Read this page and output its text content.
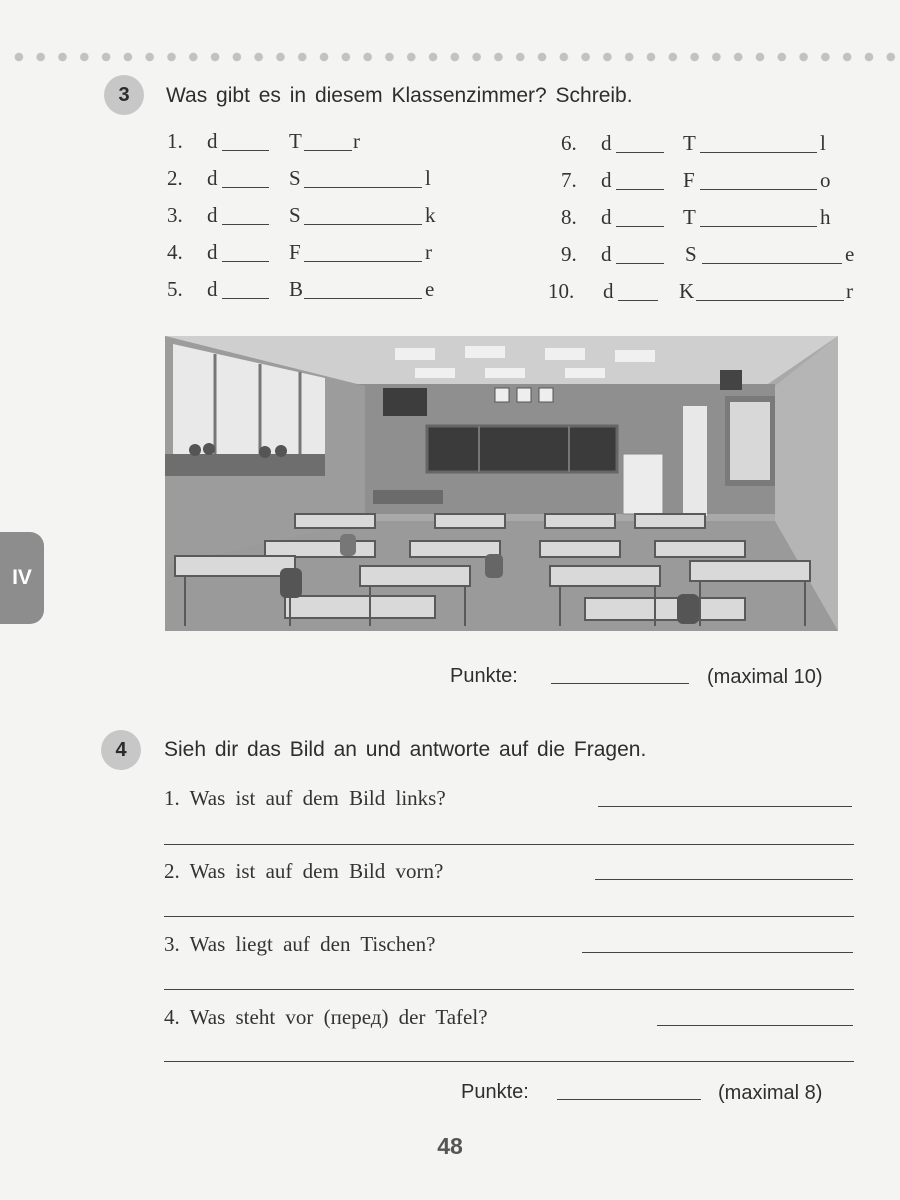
IV
3	Was gibt es in diesem Klassenzimmer? Schreib.
1. d	T r
2. d	S	l
3. d	S	k
4. d	F	r
5. d	B	e
6. d	T	l
7. d	F	o
8. d	T	h
9. d	S	e
10. d	K	r
Punkte:	(maximal 10)
4	Sieh dir das Bild an und antworte auf die Fragen.
1. Was ist auf dem Bild links?
2. Was ist auf dem Bild vorn?
3. Was liegt auf den Tischen?
4. Was steht vor (перед) der Tafel?
Punkte:	(maximal 8)
48
